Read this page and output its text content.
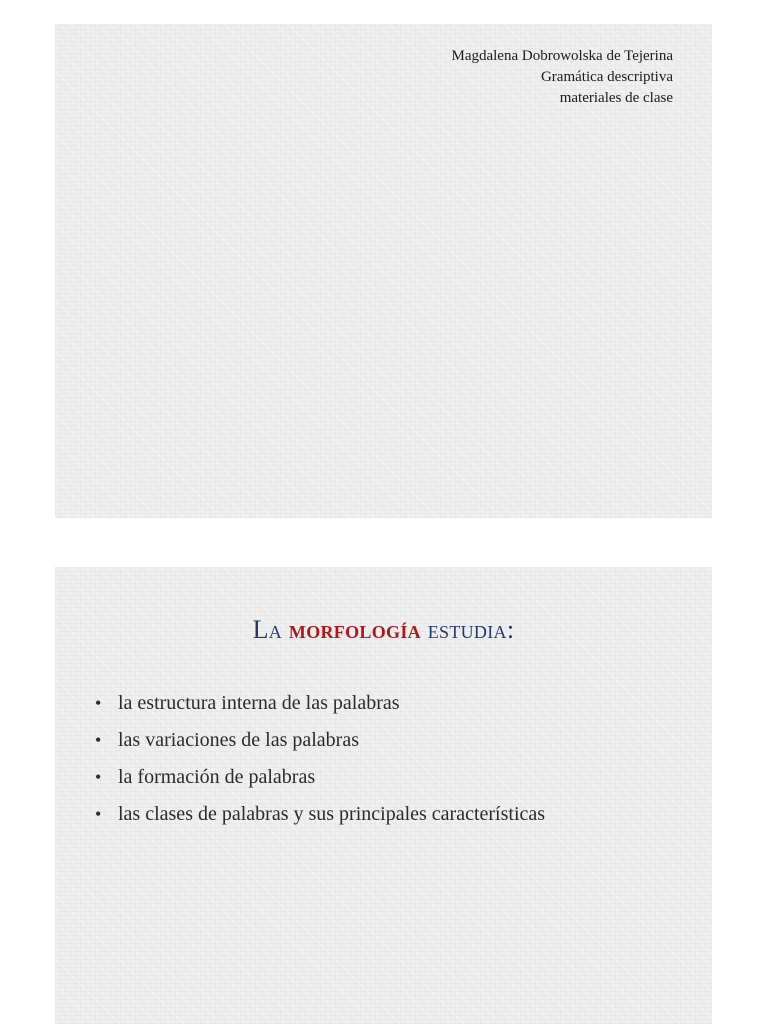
Magdalena Dobrowolska de Tejerina
Gramática descriptiva
materiales de clase
La morfología estudia:
• la estructura interna de las palabras
• las variaciones de las palabras
• la formación de palabras
• las clases de palabras y sus principales características
